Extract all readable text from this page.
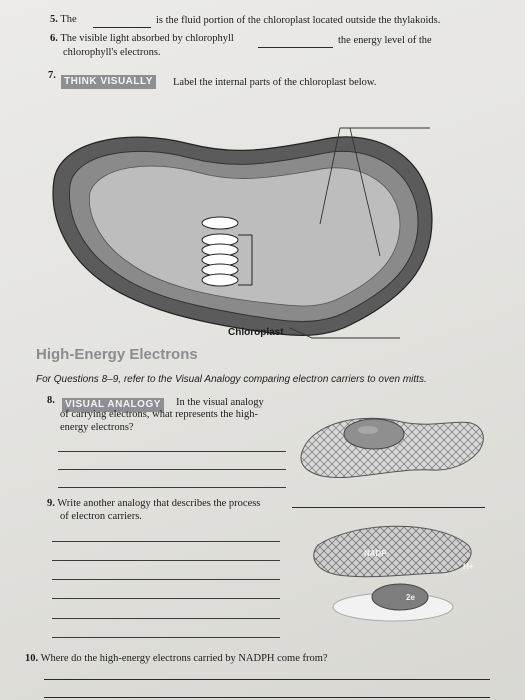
5. The	is the fluid portion of the chloroplast located outside the thylakoids.
6. The visible light absorbed by chlorophyll	the energy level of the
chlorophyll's electrons.
7.
THINK VISUALLY Label the internal parts of the chloroplast below.
Chloroplast
High-Energy Electrons
For Questions 8–9, refer to the Visual Analogy comparing electron carriers to oven mitts.
8.	VISUAL ANALOGY In the visual analogy
of carrying electrons, what represents the high-
energy electrons?
9. Write another analogy that describes the process
of electron carriers.
NADP
H+
2e
10. Where do the high-energy electrons carried by NADPH come from?
